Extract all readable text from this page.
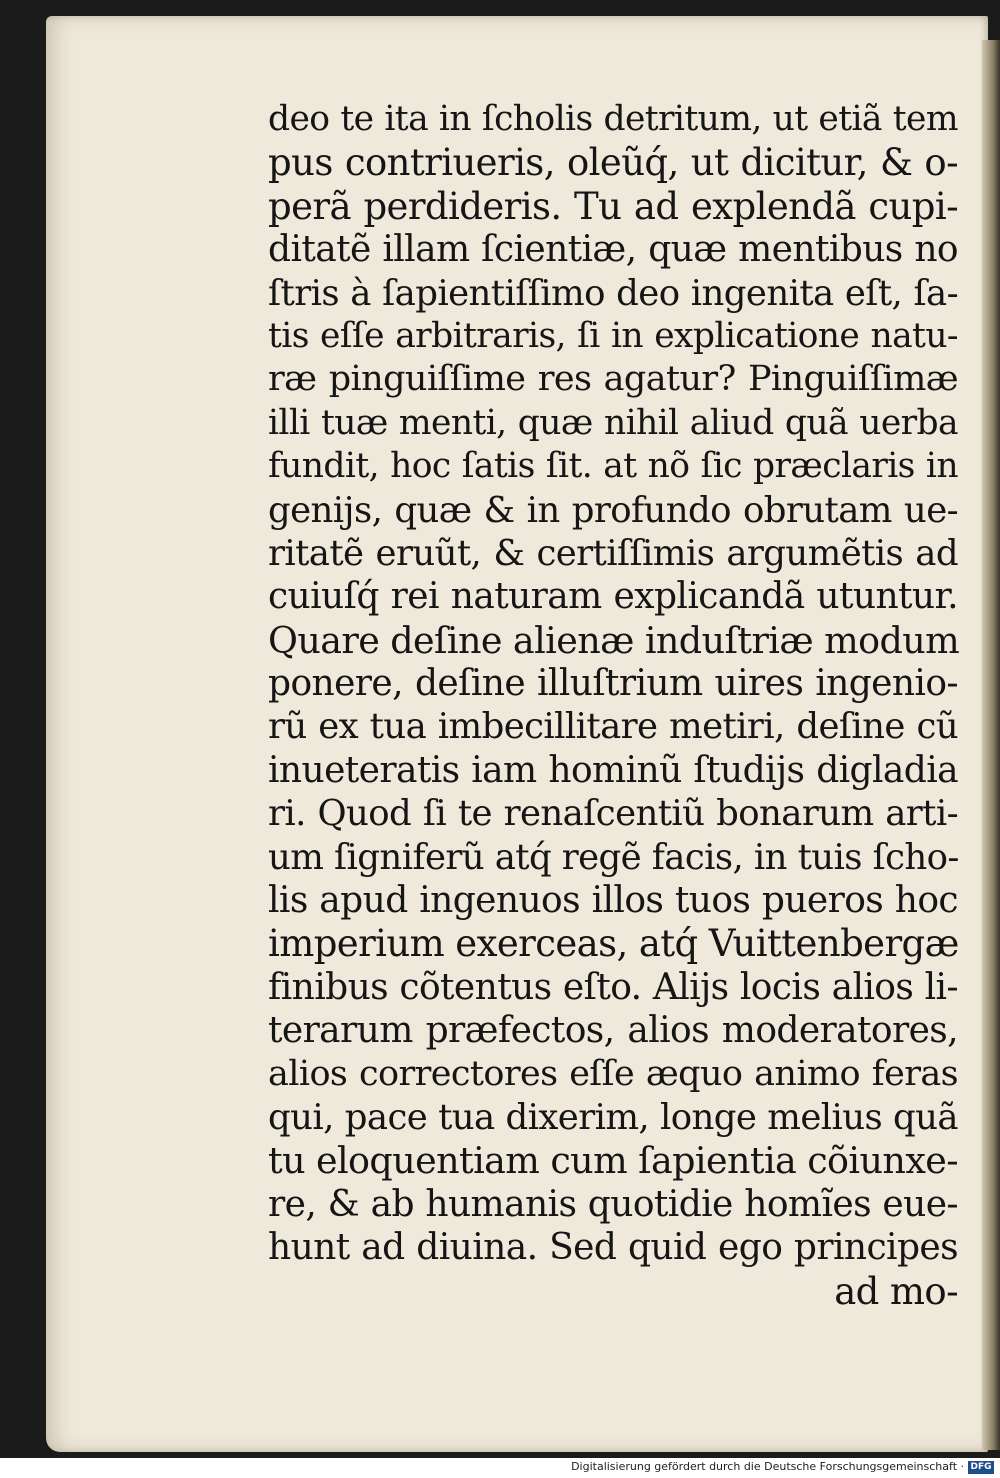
deo te ita in ſcholis detritum, ut etiã tem
pus contriueris, oleũq́, ut dicitur, & o-
perã perdideris. Tu ad explendã cupi-
ditatẽ illam ſcientiæ, quæ mentibus no
ſtris à ſapientiſſimo deo ingenita eſt, ſa-
tis eſſe arbitraris, ſi in explicatione natu-
ræ pinguiſſime res agatur? Pinguiſſimæ
illi tuæ menti, quæ nihil aliud quã uerba
fundit, hoc ſatis ſit. at nõ ſic præclaris in
genijs, quæ & in profundo obrutam ue-
ritatẽ eruũt, & certiſſimis argumẽtis ad
cuiuſq́ rei naturam explicandã utuntur.
Quare deſine alienæ induſtriæ modum
ponere, deſine illuſtrium uires ingenio-
rũ ex tua imbecillitare metiri, deſine cũ
inueteratis iam hominũ ſtudijs digladia
ri. Quod ſi te renaſcentiũ bonarum arti-
um ſigniferũ atq́ regẽ facis, in tuis ſcho-
lis apud ingenuos illos tuos pueros hoc
imperium exerceas, atq́ Vuittenbergæ
finibus cõtentus eſto. Alijs locis alios li-
terarum præfectos, alios moderatores,
alios correctores eſſe æquo animo feras
qui, pace tua dixerim, longe melius quã
tu eloquentiam cum ſapientia cõiunxe-
re, & ab humanis quotidie homĩes eue-
hunt ad diuina. Sed quid ego principes
ad mo-
Digitalisierung gefördert durch die Deutsche Forschungsgemeinschaft · DFG
